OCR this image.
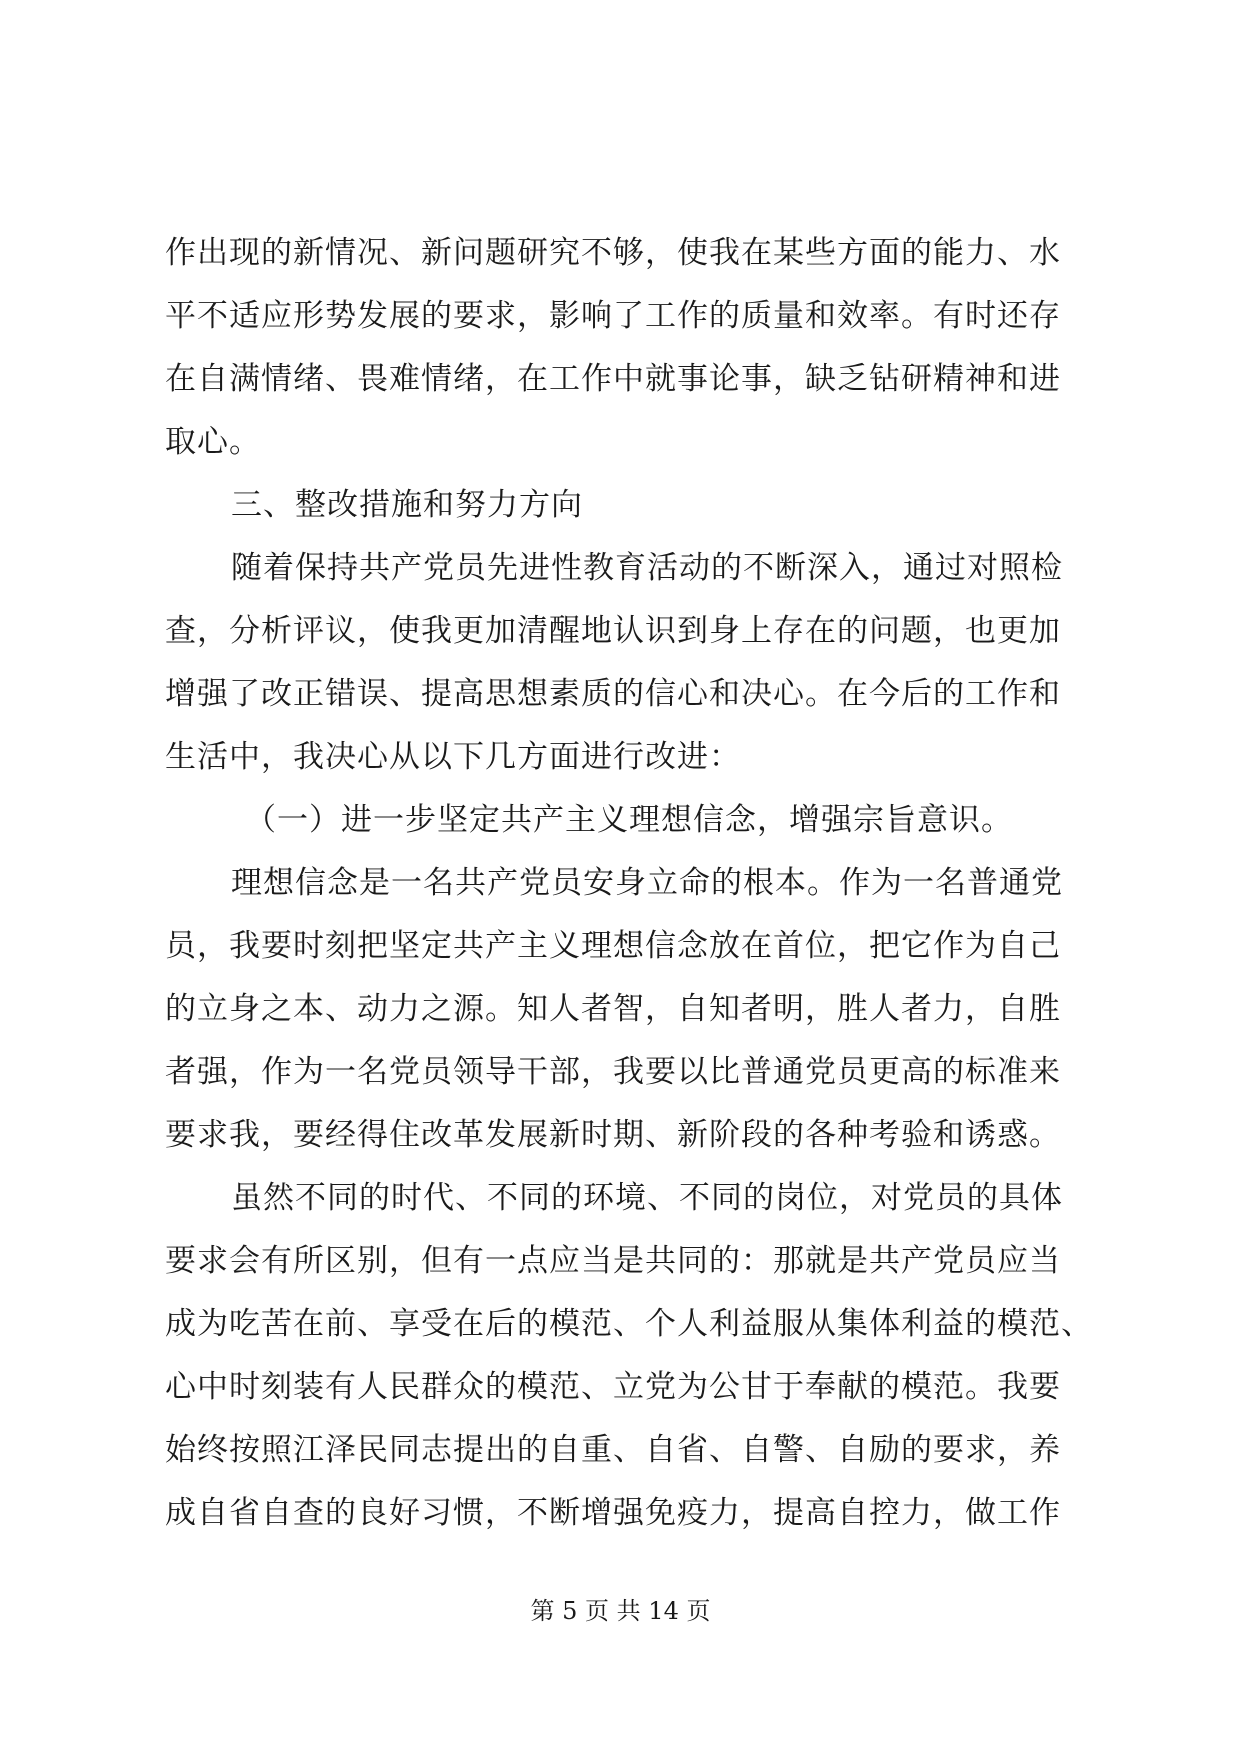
作出现的新情况、新问题研究不够，使我在某些方面的能力、水
平不适应形势发展的要求，影响了工作的质量和效率。有时还存
在自满情绪、畏难情绪，在工作中就事论事，缺乏钻研精神和进
取心。
三、整改措施和努力方向
随着保持共产党员先进性教育活动的不断深入，通过对照检
查，分析评议，使我更加清醒地认识到身上存在的问题，也更加
增强了改正错误、提高思想素质的信心和决心。在今后的工作和
生活中，我决心从以下几方面进行改进：
（一）进一步坚定共产主义理想信念，增强宗旨意识。
理想信念是一名共产党员安身立命的根本。作为一名普通党
员，我要时刻把坚定共产主义理想信念放在首位，把它作为自己
的立身之本、动力之源。知人者智，自知者明，胜人者力，自胜
者强，作为一名党员领导干部，我要以比普通党员更高的标准来
要求我，要经得住改革发展新时期、新阶段的各种考验和诱惑。
虽然不同的时代、不同的环境、不同的岗位，对党员的具体
要求会有所区别，但有一点应当是共同的：那就是共产党员应当
成为吃苦在前、享受在后的模范、个人利益服从集体利益的模范、
心中时刻装有人民群众的模范、立党为公甘于奉献的模范。我要
始终按照江泽民同志提出的自重、自省、自警、自励的要求，养
成自省自查的良好习惯，不断增强免疫力，提高自控力，做工作
第 5 页 共 14 页
